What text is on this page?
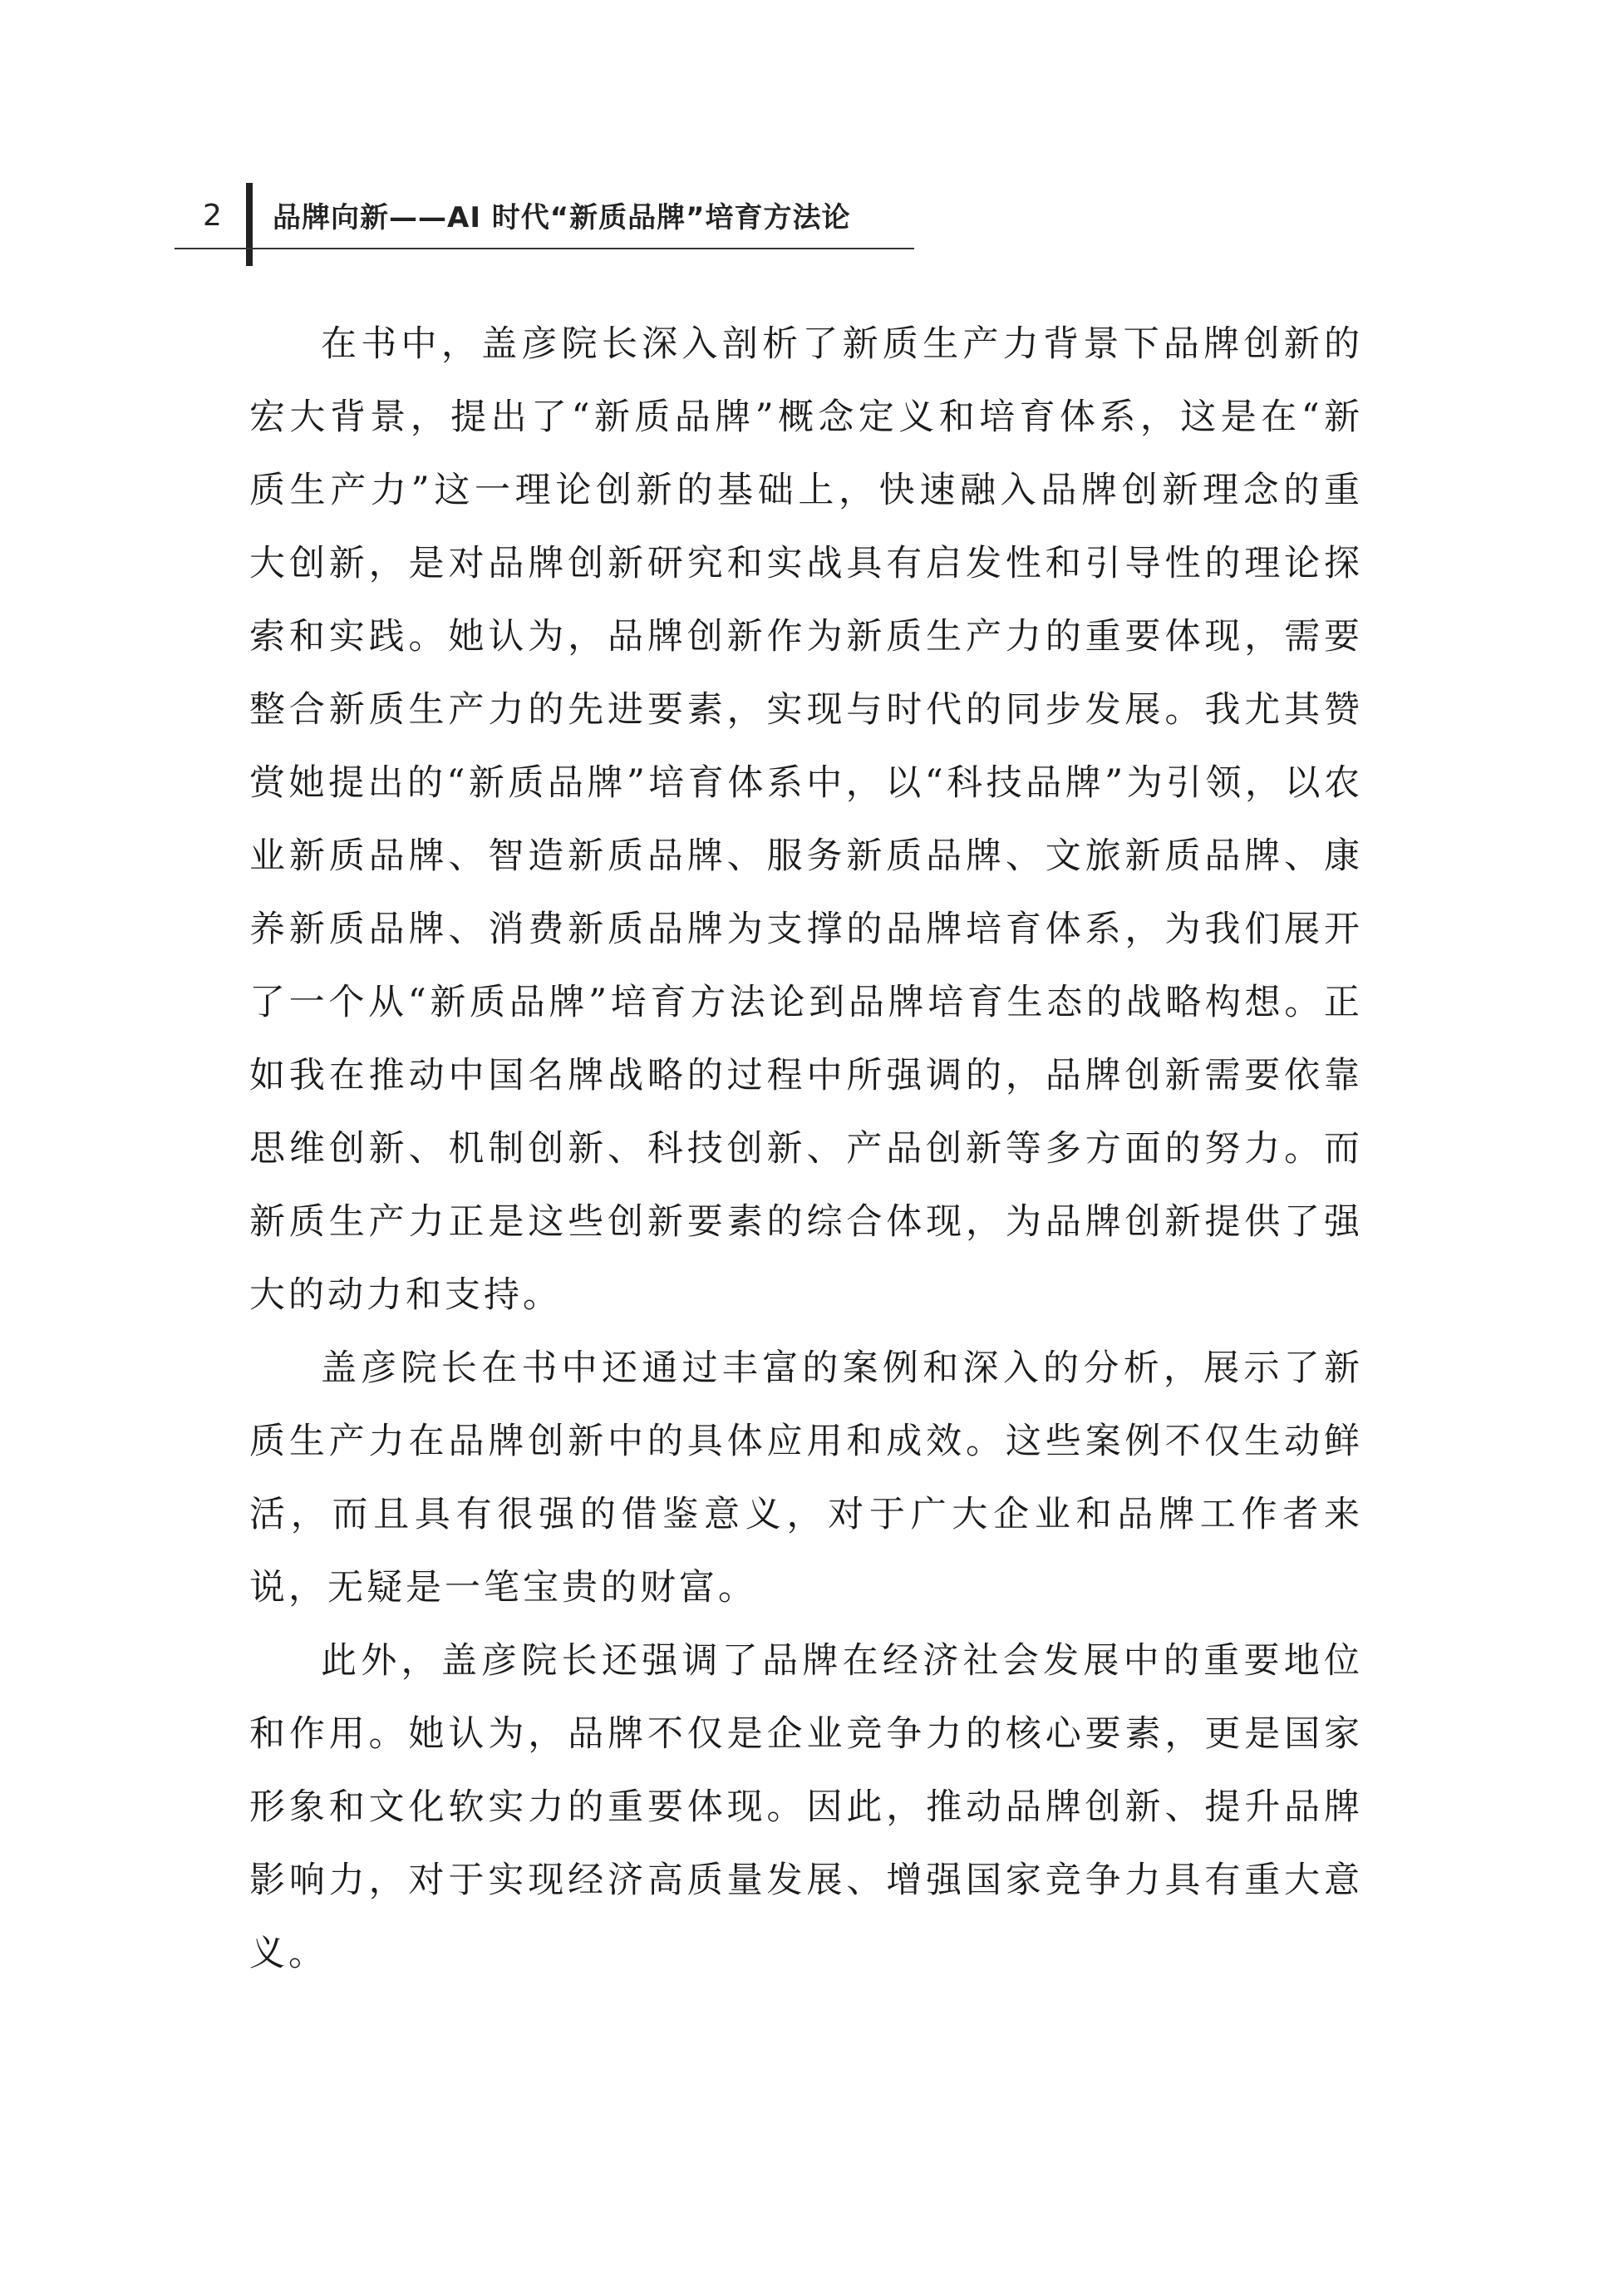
2 品牌向新——AI 时代“新质品牌”培育方法论

在书中，盖彦院长深入剖析了新质生产力背景下品牌创新的宏大背景，提出了“新质品牌”概念定义和培育体系，这是在“新质生产力”这一理论创新的基础上，快速融入品牌创新理念的重大创新，是对品牌创新研究和实战具有启发性和引导性的理论探索和实践。她认为，品牌创新作为新质生产力的重要体现，需要整合新质生产力的先进要素，实现与时代的同步发展。我尤其赞赏她提出的“新质品牌”培育体系中，以“科技品牌”为引领，以农业新质品牌、智造新质品牌、服务新质品牌、文旅新质品牌、康养新质品牌、消费新质品牌为支撑的品牌培育体系，为我们展开了一个从“新质品牌”培育方法论到品牌培育生态的战略构想。正如我在推动中国名牌战略的过程中所强调的，品牌创新需要依靠思维创新、机制创新、科技创新、产品创新等多方面的努力。而新质生产力正是这些创新要素的综合体现，为品牌创新提供了强大的动力和支持。

盖彦院长在书中还通过丰富的案例和深入的分析，展示了新质生产力在品牌创新中的具体应用和成效。这些案例不仅生动鲜活，而且具有很强的借鉴意义，对于广大企业和品牌工作者来说，无疑是一笔宝贵的财富。

此外，盖彦院长还强调了品牌在经济社会发展中的重要地位和作用。她认为，品牌不仅是企业竞争力的核心要素，更是国家形象和文化软实力的重要体现。因此，推动品牌创新、提升品牌影响力，对于实现经济高质量发展、增强国家竞争力具有重大意义。
